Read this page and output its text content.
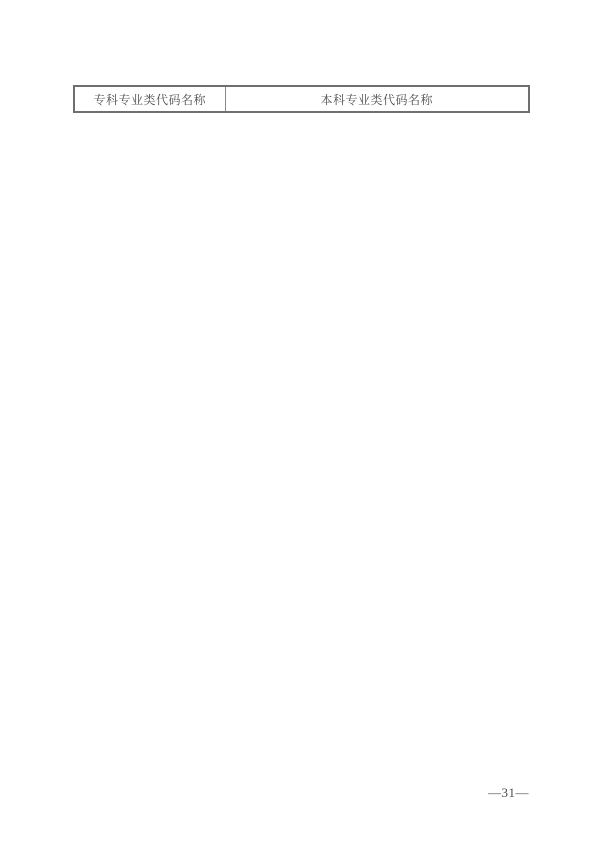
专科专业类代码名称	本科专业类代码名称
—31—
